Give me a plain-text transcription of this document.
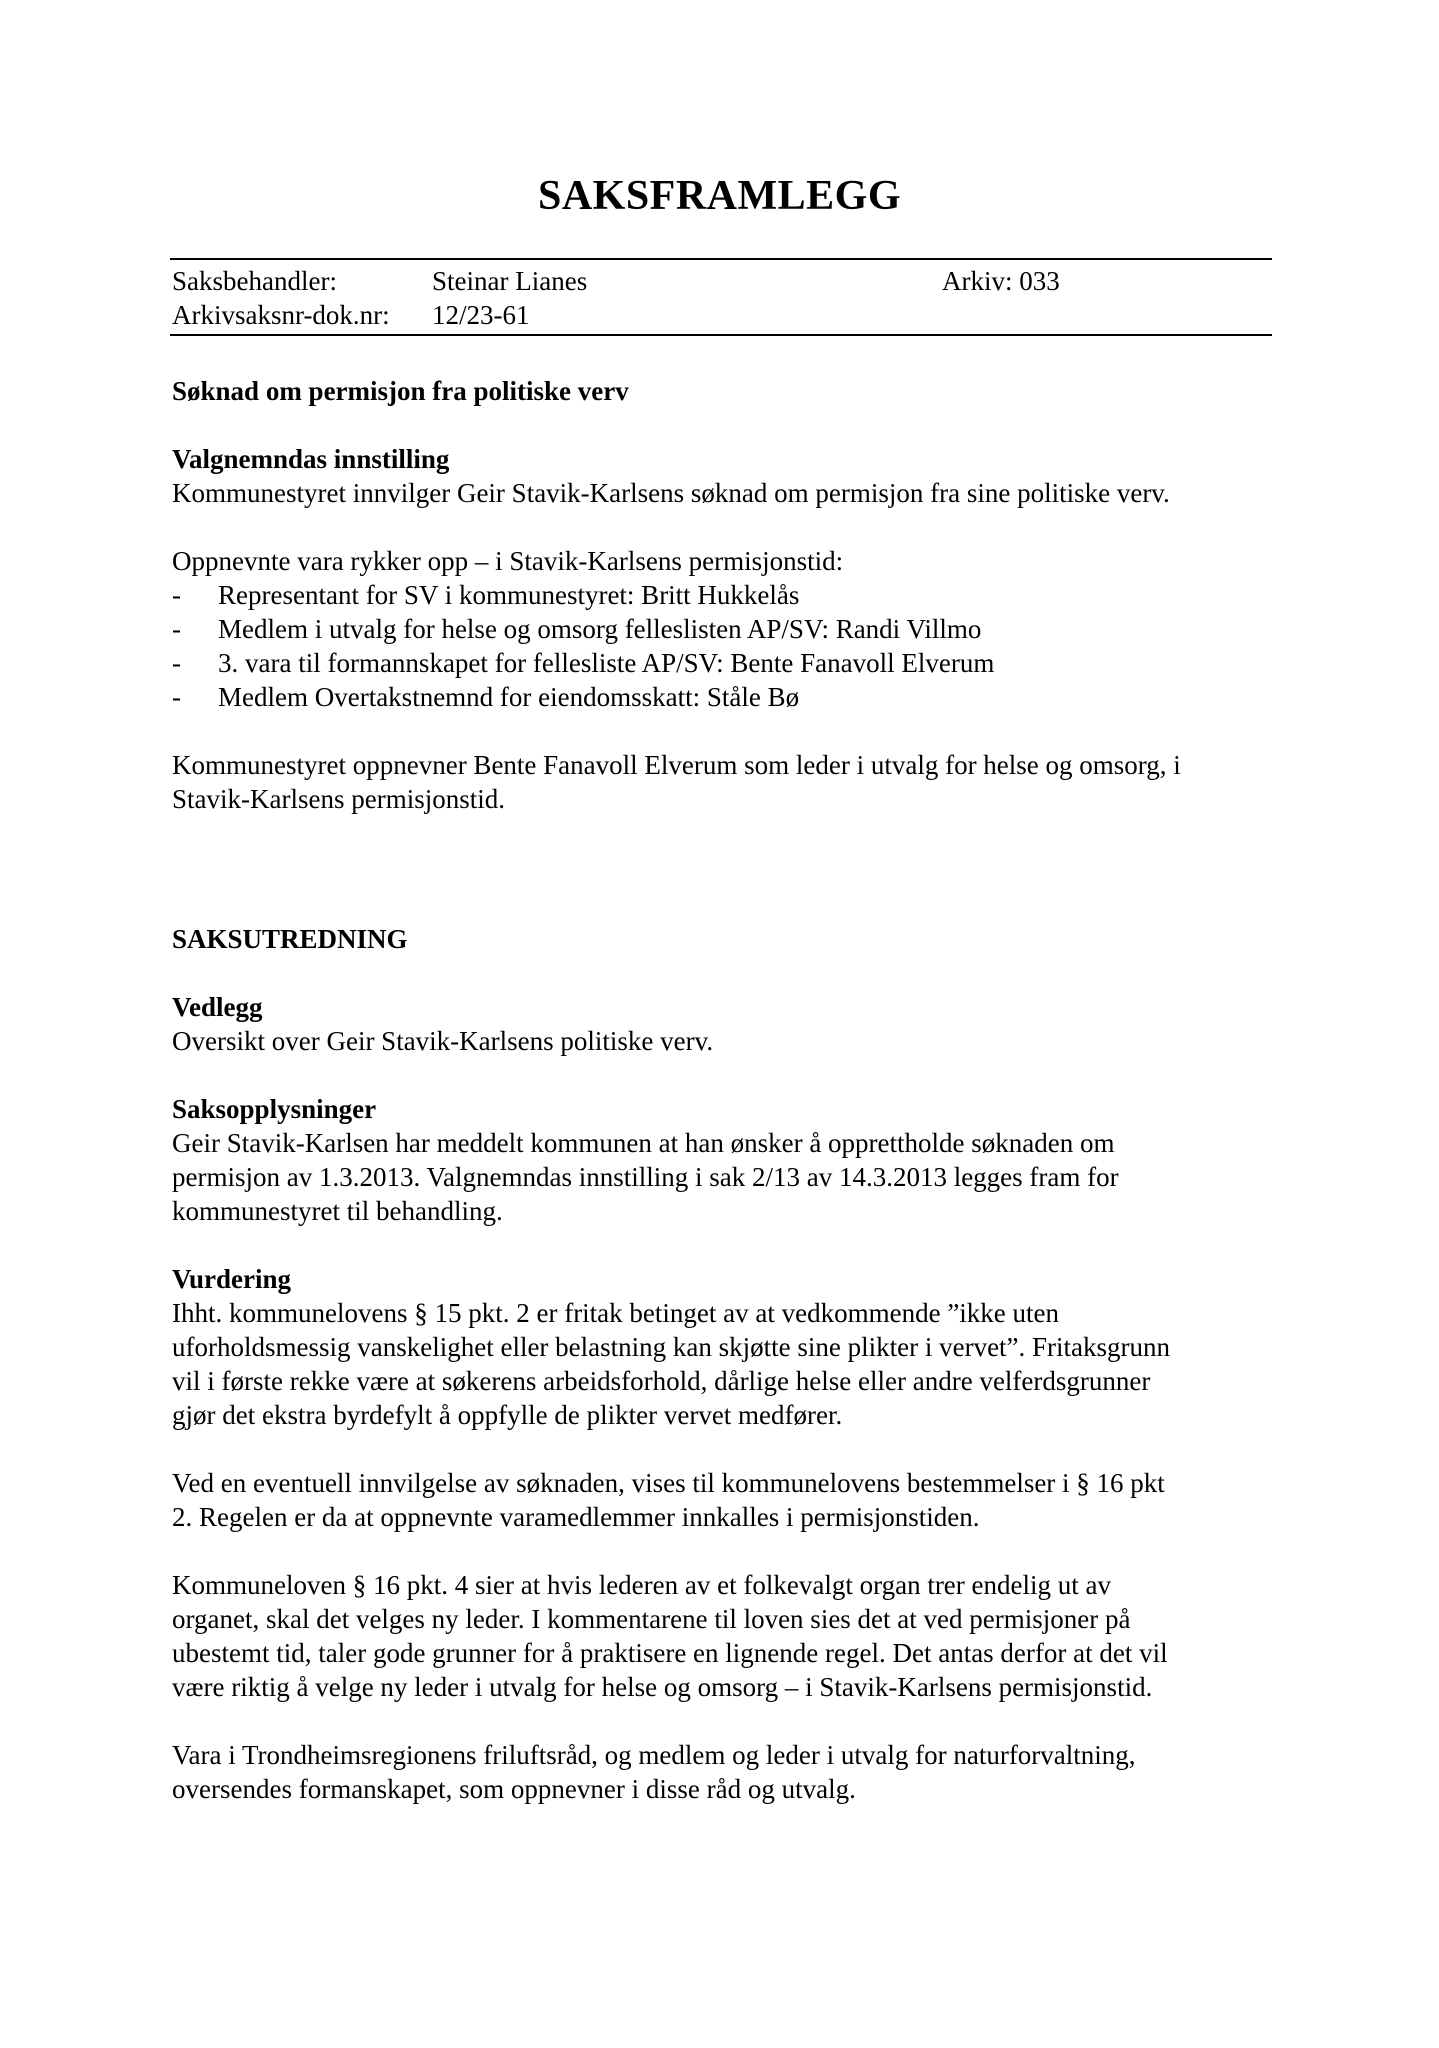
SAKSFRAMLEGG
Saksbehandler:	Steinar Lianes	Arkiv: 033
Arkivsaksnr-dok.nr: 12/23-61
Søknad om permisjon fra politiske verv
Valgnemndas innstilling
Kommunestyret innvilger Geir Stavik-Karlsens søknad om permisjon fra sine politiske verv.
Oppnevnte vara rykker opp – i Stavik-Karlsens permisjonstid:
- Representant for SV i kommunestyret: Britt Hukkelås
- Medlem i utvalg for helse og omsorg felleslisten AP/SV: Randi Villmo
- 3. vara til formannskapet for fellesliste AP/SV: Bente Fanavoll Elverum
- Medlem Overtakstnemnd for eiendomsskatt: Ståle Bø
Kommunestyret oppnevner Bente Fanavoll Elverum som leder i utvalg for helse og omsorg, i
Stavik-Karlsens permisjonstid.
SAKSUTREDNING
Vedlegg
Oversikt over Geir Stavik-Karlsens politiske verv.
Saksopplysninger

Geir Stavik-Karlsen har meddelt kommunen at han ønsker å opprettholde søknaden om

permisjon av 1.3.2013. Valgnemndas innstilling i sak 2/13 av 14.3.2013 legges fram for

kommunestyret til behandling.

Vurdering

Ihht. kommunelovens § 15 pkt. 2 er fritak betinget av at vedkommende ”ikke uten

uforholdsmessig vanskelighet eller belastning kan skjøtte sine plikter i vervet”. Fritaksgrunn

vil i første rekke være at søkerens arbeidsforhold, dårlige helse eller andre velferdsgrunner

gjør det ekstra byrdefylt å oppfylle de plikter vervet medfører.

Ved en eventuell innvilgelse av søknaden, vises til kommunelovens bestemmelser i § 16 pkt

2. Regelen er da at oppnevnte varamedlemmer innkalles i permisjonstiden.

Kommuneloven § 16 pkt. 4 sier at hvis lederen av et folkevalgt organ trer endelig ut av

organet, skal det velges ny leder. I kommentarene til loven sies det at ved permisjoner på

ubestemt tid, taler gode grunner for å praktisere en lignende regel. Det antas derfor at det vil

være riktig å velge ny leder i utvalg for helse og omsorg – i Stavik-Karlsens permisjonstid.

Vara i Trondheimsregionens friluftsråd, og medlem og leder i utvalg for naturforvaltning,

oversendes formanskapet, som oppnevner i disse råd og utvalg.
